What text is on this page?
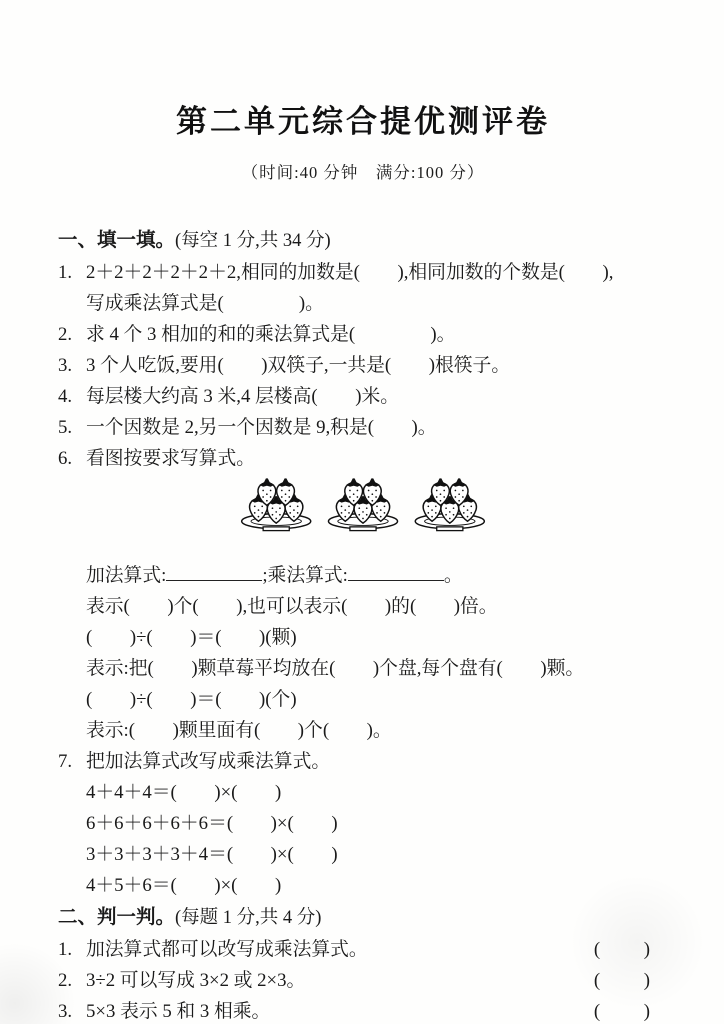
第二单元综合提优测评卷
（时间:40 分钟　满分:100 分）
一、填一填。(每空 1 分,共 34 分)
1. 2＋2＋2＋2＋2＋2,相同的加数是(　　),相同加数的个数是(　　),
写成乘法算式是(　　　　)。
2. 求 4 个 3 相加的和的乘法算式是(　　　　)。
3. 3 个人吃饭,要用(　　)双筷子,一共是(　　)根筷子。
4. 每层楼大约高 3 米,4 层楼高(　　)米。
5. 一个因数是 2,另一个因数是 9,积是(　　)。
6. 看图按要求写算式。
加法算式:	;乘法算式:	。
表示(　　)个(　　),也可以表示(　　)的(　　)倍。
(　　)÷(　　)＝(　　)(颗)
表示:把(　　)颗草莓平均放在(　　)个盘,每个盘有(　　)颗。
(　　)÷(　　)＝(　　)(个)
表示:(　　)颗里面有(　　)个(　　)。
7. 把加法算式改写成乘法算式。
4＋4＋4＝(　　)×(　　)
6＋6＋6＋6＋6＝(　　)×(　　)
3＋3＋3＋3＋4＝(　　)×(　　)
4＋5＋6＝(　　)×(　　)
二、判一判。(每题 1 分,共 4 分)
1. 加法算式都可以改写成乘法算式。	(　　)
2. 3÷2 可以写成 3×2 或 2×3。	(　　)
3. 5×3 表示 5 和 3 相乘。	(　　)
